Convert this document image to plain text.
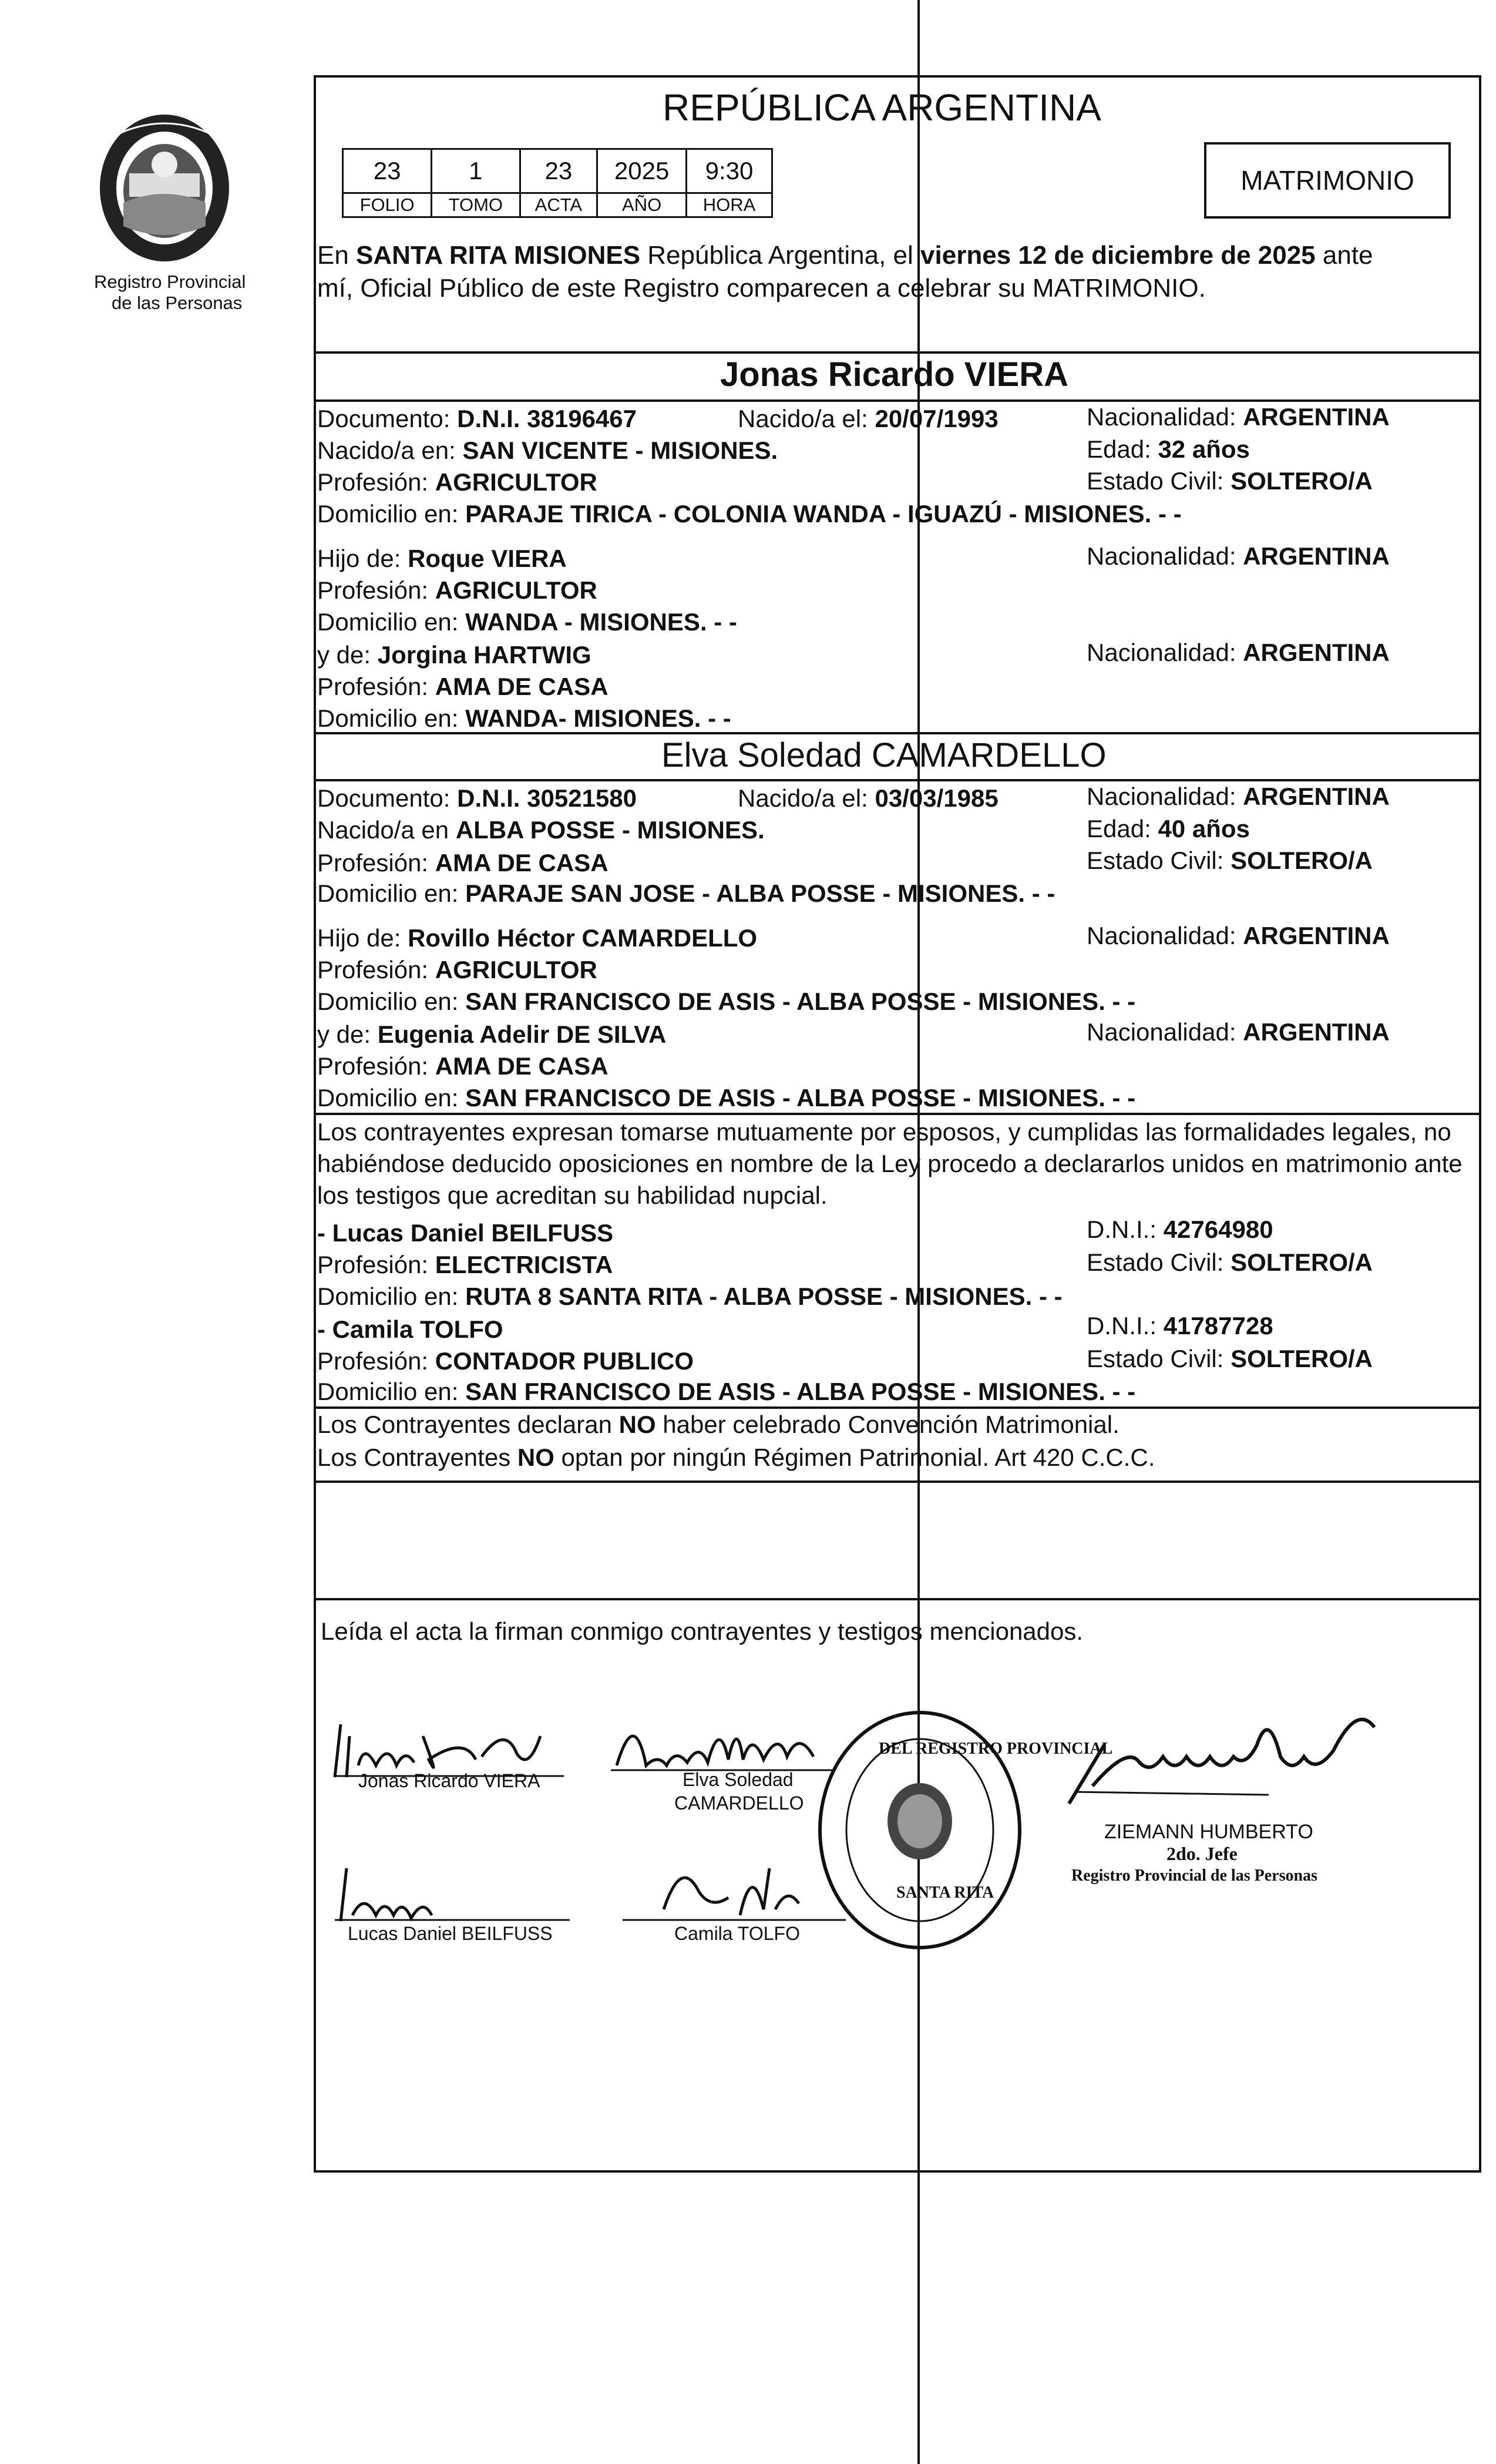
Registro Provincial
de las Personas
REPÚBLICA ARGENTINA
23	1	23	2025	9:30
FOLIO	TOMO	ACTA	AÑO	HORA
MATRIMONIO
En SANTA RITA MISIONES República Argentina, el viernes 12 de diciembre de 2025 ante
mí, Oficial Público de este Registro comparecen a celebrar su MATRIMONIO.
Jonas Ricardo VIERA
Documento: D.N.I. 38196467	Nacido/a el: 20/07/1993	Nacionalidad: ARGENTINA
Nacido/a en: SAN VICENTE - MISIONES.	Edad: 32 años
Profesión: AGRICULTOR	Estado Civil: SOLTERO/A
Domicilio en: PARAJE TIRICA - COLONIA WANDA - IGUAZÚ - MISIONES. - -
Hijo de: Roque VIERA	Nacionalidad: ARGENTINA
Profesión: AGRICULTOR
Domicilio en: WANDA - MISIONES. - -
y de: Jorgina HARTWIG	Nacionalidad: ARGENTINA
Profesión: AMA DE CASA
Domicilio en: WANDA- MISIONES. - -
Elva Soledad CAMARDELLO
Documento: D.N.I. 30521580	Nacido/a el: 03/03/1985	Nacionalidad: ARGENTINA
Nacido/a en ALBA POSSE - MISIONES.	Edad: 40 años
Profesión: AMA DE CASA	Estado Civil: SOLTERO/A
Domicilio en: PARAJE SAN JOSE - ALBA POSSE - MISIONES. - -
Hijo de: Rovillo Héctor CAMARDELLO	Nacionalidad: ARGENTINA
Profesión: AGRICULTOR
Domicilio en: SAN FRANCISCO DE ASIS - ALBA POSSE - MISIONES. - -
y de: Eugenia Adelir DE SILVA	Nacionalidad: ARGENTINA
Profesión: AMA DE CASA
Domicilio en: SAN FRANCISCO DE ASIS - ALBA POSSE - MISIONES. - -
Los contrayentes expresan tomarse mutuamente por esposos, y cumplidas las formalidades legales, no
habiéndose deducido oposiciones en nombre de la Ley procedo a declararlos unidos en matrimonio ante
los testigos que acreditan su habilidad nupcial.
- Lucas Daniel BEILFUSS	D.N.I.: 42764980
Profesión: ELECTRICISTA	Estado Civil: SOLTERO/A
Domicilio en: RUTA 8 SANTA RITA - ALBA POSSE - MISIONES. - -
- Camila TOLFO	D.N.I.: 41787728
Profesión: CONTADOR PUBLICO	Estado Civil: SOLTERO/A
Domicilio en: SAN FRANCISCO DE ASIS - ALBA POSSE - MISIONES. - -
Los Contrayentes declaran NO haber celebrado Convención Matrimonial.
Los Contrayentes NO optan por ningún Régimen Patrimonial. Art 420 C.C.C.
Leída el acta la firman conmigo contrayentes y testigos mencionados.
Jonas Ricardo VIERA	Elva Soledad
CAMARDELLO
Lucas Daniel BEILFUSS	Camila TOLFO
DEL REGISTRO PROVINCIAL
SANTA RITA
ZIEMANN HUMBERTO
2do. Jefe
Registro Provincial de las Personas
